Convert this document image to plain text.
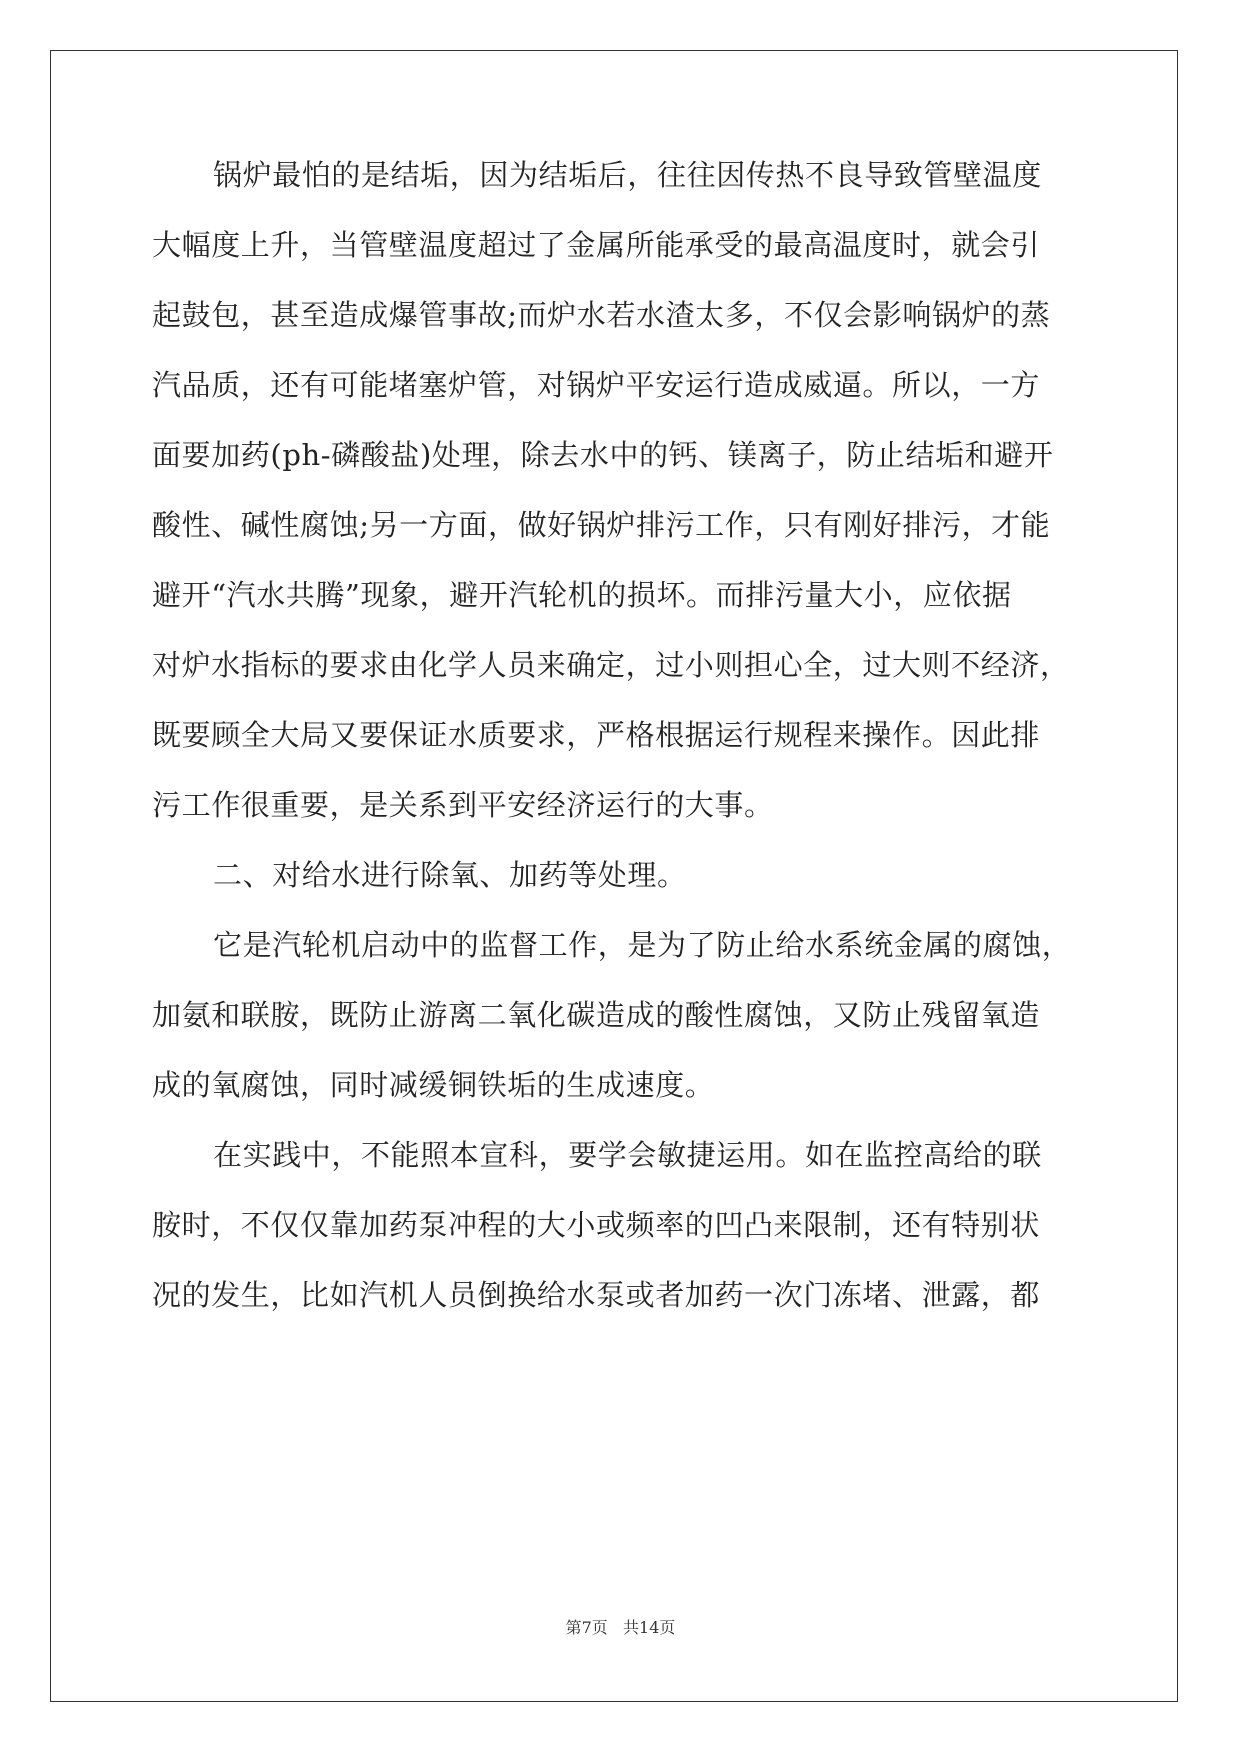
锅炉最怕的是结垢，因为结垢后，往往因传热不良导致管壁温度
大幅度上升，当管壁温度超过了金属所能承受的最高温度时，就会引
起鼓包，甚至造成爆管事故;而炉水若水渣太多，不仅会影响锅炉的蒸
汽品质，还有可能堵塞炉管，对锅炉平安运行造成威逼。所以，一方
面要加药(ph-磷酸盐)处理，除去水中的钙、镁离子，防止结垢和避开
酸性、碱性腐蚀;另一方面，做好锅炉排污工作，只有刚好排污，才能
避开“汽水共腾”现象，避开汽轮机的损坏。而排污量大小，应依据
对炉水指标的要求由化学人员来确定，过小则担心全，过大则不经济，
既要顾全大局又要保证水质要求，严格根据运行规程来操作。因此排
污工作很重要，是关系到平安经济运行的大事。
二、对给水进行除氧、加药等处理。
它是汽轮机启动中的监督工作，是为了防止给水系统金属的腐蚀，
加氨和联胺，既防止游离二氧化碳造成的酸性腐蚀，又防止残留氧造
成的氧腐蚀，同时减缓铜铁垢的生成速度。
在实践中，不能照本宣科，要学会敏捷运用。如在监控高给的联
胺时，不仅仅靠加药泵冲程的大小或频率的凹凸来限制，还有特别状
况的发生，比如汽机人员倒换给水泵或者加药一次门冻堵、泄露，都
第7页 共14页
